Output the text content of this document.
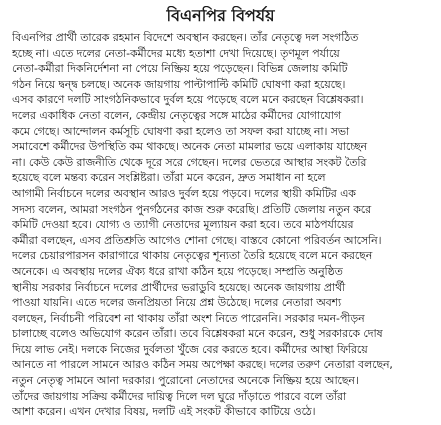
বিএনপির বিপর্যয়
বিএনপির প্রার্থী তারেক রহমান বিদেশে অবস্থান করছেন। তাঁর নেতৃত্বে দল সংগঠিত
হচ্ছে না। এতে দলের নেতা-কর্মীদের মধ্যে হতাশা দেখা দিয়েছে। তৃণমূল পর্যায়ে
নেতা-কর্মীরা দিকনির্দেশনা না পেয়ে নিষ্ক্রিয় হয়ে পড়েছেন। বিভিন্ন জেলায় কমিটি
গঠন নিয়ে দ্বন্দ্ব চলছে। অনেক জায়গায় পাল্টাপাল্টি কমিটি ঘোষণা করা হয়েছে।
এসব কারণে দলটি সাংগঠনিকভাবে দুর্বল হয়ে পড়েছে বলে মনে করছেন বিশ্লেষকরা।
দলের একাধিক নেতা বলেন, কেন্দ্রীয় নেতৃত্বের সঙ্গে মাঠের কর্মীদের যোগাযোগ
কমে গেছে। আন্দোলন কর্মসূচি ঘোষণা করা হলেও তা সফল করা যাচ্ছে না। সভা
সমাবেশে কর্মীদের উপস্থিতি কম থাকছে। অনেক নেতা মামলার ভয়ে এলাকায় যাচ্ছেন
না। কেউ কেউ রাজনীতি থেকে দূরে সরে গেছেন। দলের ভেতরে আস্থার সংকট তৈরি
হয়েছে বলে মন্তব্য করেন সংশ্লিষ্টরা। তাঁরা মনে করেন, দ্রুত সমাধান না হলে
আগামী নির্বাচনে দলের অবস্থান আরও দুর্বল হয়ে পড়বে। দলের স্থায়ী কমিটির এক
সদস্য বলেন, আমরা সংগঠন পুনর্গঠনের কাজ শুরু করেছি। প্রতিটি জেলায় নতুন করে
কমিটি দেওয়া হবে। যোগ্য ও ত্যাগী নেতাদের মূল্যায়ন করা হবে। তবে মাঠপর্যায়ের
কর্মীরা বলছেন, এসব প্রতিশ্রুতি আগেও শোনা গেছে। বাস্তবে কোনো পরিবর্তন আসেনি।
দলের চেয়ারপারসন কারাগারে থাকায় নেতৃত্বের শূন্যতা তৈরি হয়েছে বলে মনে করছেন
অনেকে। এ অবস্থায় দলের ঐক্য ধরে রাখা কঠিন হয়ে পড়েছে। সম্প্রতি অনুষ্ঠিত
স্থানীয় সরকার নির্বাচনে দলের প্রার্থীদের ভরাডুবি হয়েছে। অনেক জায়গায় প্রার্থী
পাওয়া যায়নি। এতে দলের জনপ্রিয়তা নিয়ে প্রশ্ন উঠেছে। দলের নেতারা অবশ্য
বলছেন, নির্বাচনী পরিবেশ না থাকায় তাঁরা অংশ নিতে পারেননি। সরকার দমন-পীড়ন
চালাচ্ছে বলেও অভিযোগ করেন তাঁরা। তবে বিশ্লেষকরা মনে করেন, শুধু সরকারকে দোষ
দিয়ে লাভ নেই। দলকে নিজের দুর্বলতা খুঁজে বের করতে হবে। কর্মীদের আস্থা ফিরিয়ে
আনতে না পারলে সামনে আরও কঠিন সময় অপেক্ষা করছে। দলের তরুণ নেতারা বলছেন,
নতুন নেতৃত্ব সামনে আনা দরকার। পুরোনো নেতাদের অনেকে নিষ্ক্রিয় হয়ে আছেন।
তাঁদের জায়গায় সক্রিয় কর্মীদের দায়িত্ব দিলে দল ঘুরে দাঁড়াতে পারবে বলে তাঁরা
আশা করেন। এখন দেখার বিষয়, দলটি এই সংকট কীভাবে কাটিয়ে ওঠে।
